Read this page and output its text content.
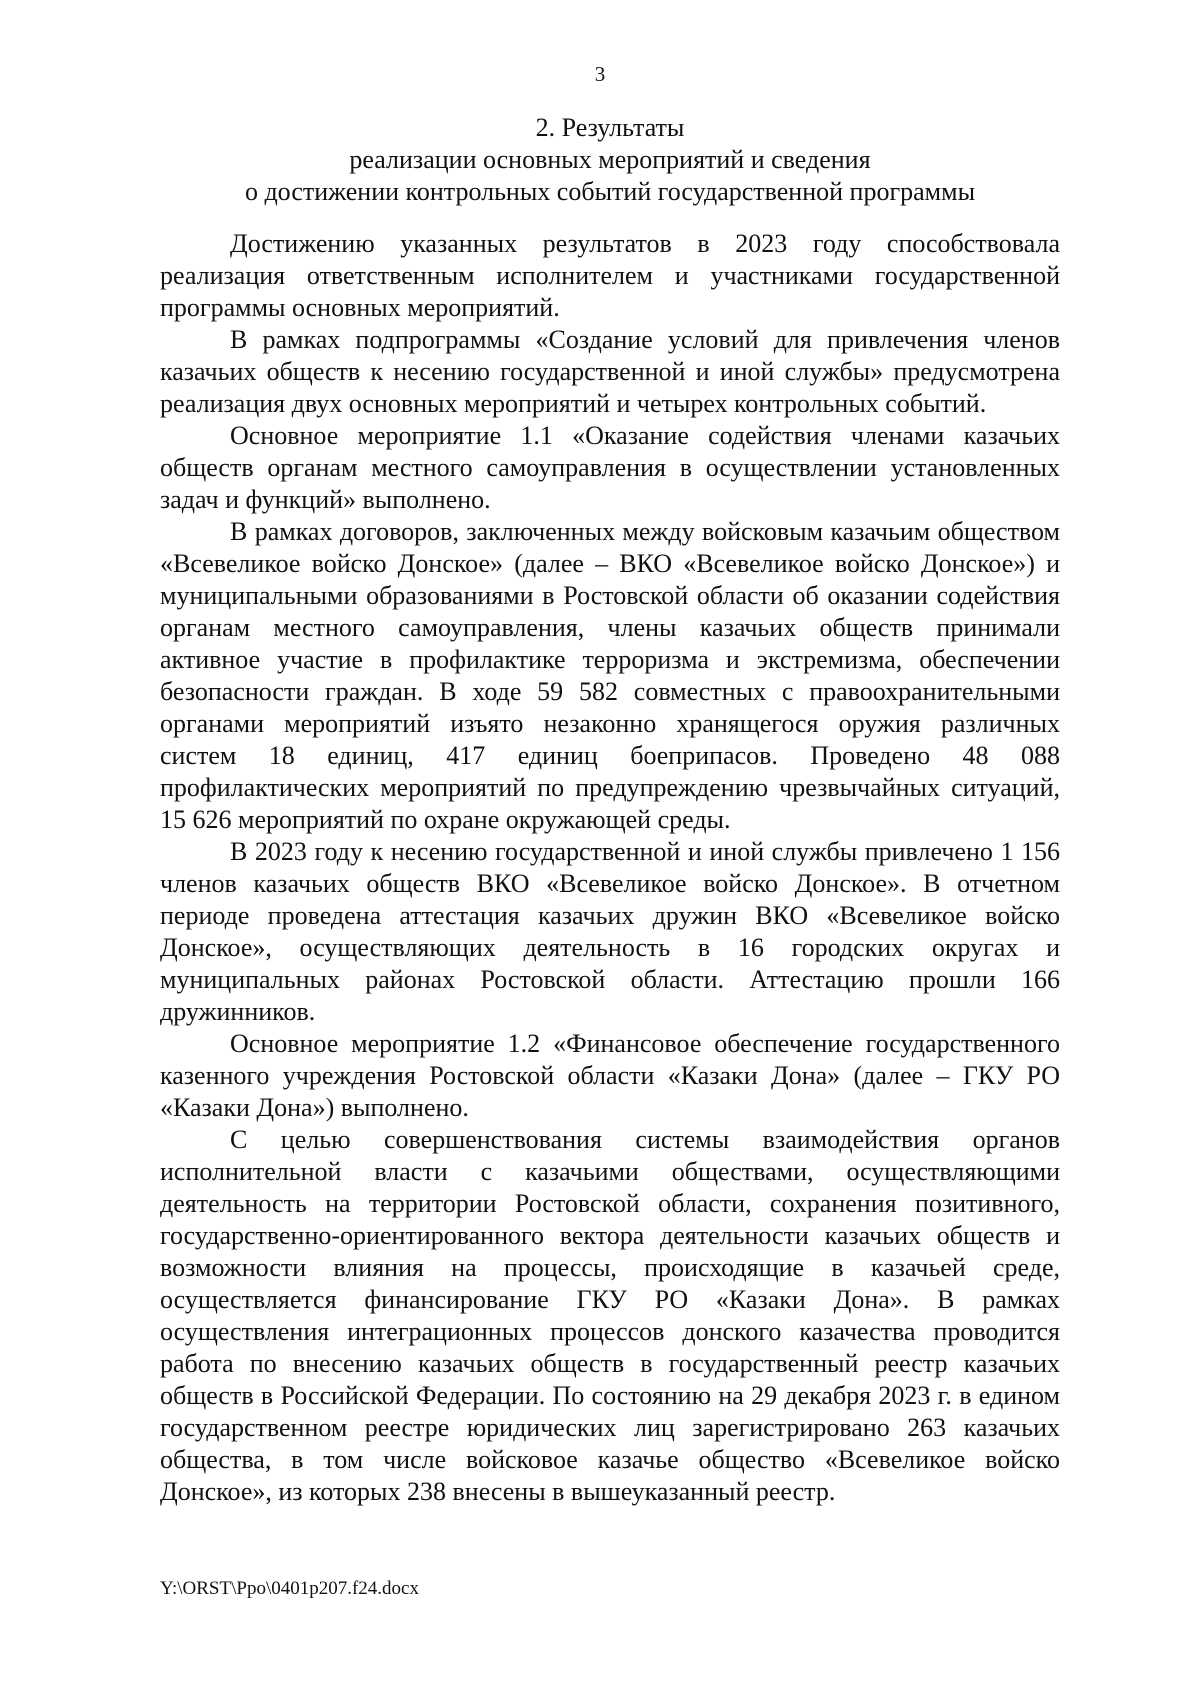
3
2. Результаты
реализации основных мероприятий и сведения
о достижении контрольных событий государственной программы

Достижению указанных результатов в 2023 году способствовала реализация ответственным исполнителем и участниками государственной программы основных мероприятий.

В рамках подпрограммы «Создание условий для привлечения членов казачьих обществ к несению государственной и иной службы» предусмотрена реализация двух основных мероприятий и четырех контрольных событий.

Основное мероприятие 1.1 «Оказание содействия членами казачьих обществ органам местного самоуправления в осуществлении установленных задач и функций» выполнено.

В рамках договоров, заключенных между войсковым казачьим обществом «Всевеликое войско Донское» (далее – ВКО «Всевеликое войско Донское») и муниципальными образованиями в Ростовской области об оказании содействия органам местного самоуправления, члены казачьих обществ принимали активное участие в профилактике терроризма и экстремизма, обеспечении безопасности граждан. В ходе 59 582 совместных с правоохранительными органами мероприятий изъято незаконно хранящегося оружия различных систем 18 единиц, 417 единиц боеприпасов. Проведено 48 088 профилактических мероприятий по предупреждению чрезвычайных ситуаций, 15 626 мероприятий по охране окружающей среды.

В 2023 году к несению государственной и иной службы привлечено 1 156 членов казачьих обществ ВКО «Всевеликое войско Донское». В отчетном периоде проведена аттестация казачьих дружин ВКО «Всевеликое войско Донское», осуществляющих деятельность в 16 городских округах и муниципальных районах Ростовской области. Аттестацию прошли 166 дружинников.

Основное мероприятие 1.2 «Финансовое обеспечение государственного казенного учреждения Ростовской области «Казаки Дона» (далее – ГКУ РО «Казаки Дона») выполнено.

С целью совершенствования системы взаимодействия органов исполнительной власти с казачьими обществами, осуществляющими деятельность на территории Ростовской области, сохранения позитивного, государственно-ориентированного вектора деятельности казачьих обществ и возможности влияния на процессы, происходящие в казачьей среде, осуществляется финансирование ГКУ РО «Казаки Дона». В рамках осуществления интеграционных процессов донского казачества проводится работа по внесению казачьих обществ в государственный реестр казачьих обществ в Российской Федерации. По состоянию на 29 декабря 2023 г. в едином государственном реестре юридических лиц зарегистрировано 263 казачьих общества, в том числе войсковое казачье общество «Всевеликое войско Донское», из которых 238 внесены в вышеуказанный реестр.

Y:\ORST\Ppo\0401p207.f24.docx
